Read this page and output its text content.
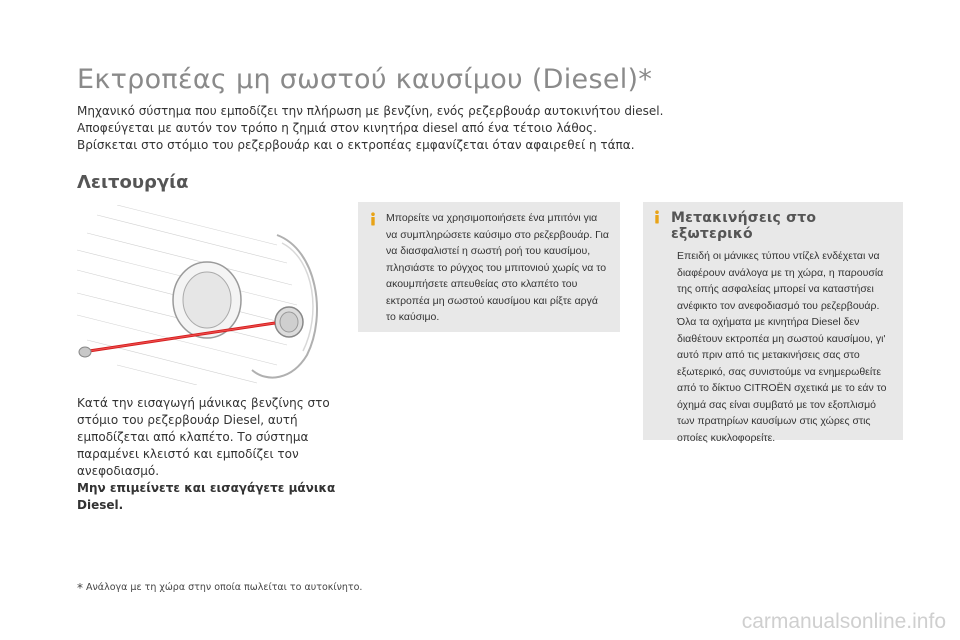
Εκτροπέας μη σωστού καυσίμου (Diesel)*

Μηχανικό σύστημα που εμποδίζει την πλήρωση με βενζίνη, ενός ρεζερβουάρ αυτοκινήτου diesel.

Αποφεύγεται με αυτόν τον τρόπο η ζημιά στον κινητήρα diesel από ένα τέτοιο λάθος.

Βρίσκεται στο στόμιο του ρεζερβουάρ και ο εκτροπέας εμφανίζεται όταν αφαιρεθεί η τάπα.

Λειτουργία
Κατά την εισαγωγή μάνικας βενζίνης στο στόμιο του ρεζερβουάρ Diesel, αυτή εμποδίζεται από κλαπέτο. Το σύστημα παραμένει κλειστό και εμποδίζει τον ανεφοδιασμό.
Μην επιμείνετε και εισαγάγετε μάνικα Diesel.
Μπορείτε να χρησιμοποιήσετε ένα μπιτόνι για να συμπληρώσετε καύσιμο στο ρεζερβουάρ. Για να διασφαλιστεί η σωστή ροή του καυσίμου, πλησιάστε το ρύγχος του μπιτονιού χωρίς να το ακουμπήσετε απευθείας στο κλαπέτο του εκτροπέα μη σωστού καυσίμου και ρίξτε αργά το καύσιμο.
Μετακινήσεις στο εξωτερικό
Επειδή οι μάνικες τύπου ντίζελ ενδέχεται να διαφέρουν ανάλογα με τη χώρα, η παρουσία της οπής ασφαλείας μπορεί να καταστήσει ανέφικτο τον ανεφοδιασμό του ρεζερβουάρ. Όλα τα οχήματα με κινητήρα Diesel δεν διαθέτουν εκτροπέα μη σωστού καυσίμου, γι' αυτό πριν από τις μετακινήσεις σας στο εξωτερικό, σας συνιστούμε να ενημερωθείτε από το δίκτυο CITROËN σχετικά με το εάν το όχημά σας είναι συμβατό με τον εξοπλισμό των πρατηρίων καυσίμων στις χώρες στις οποίες κυκλοφορείτε.
* Ανάλογα με τη χώρα στην οποία πωλείται το αυτοκίνητο.
carmanualsonline.info
